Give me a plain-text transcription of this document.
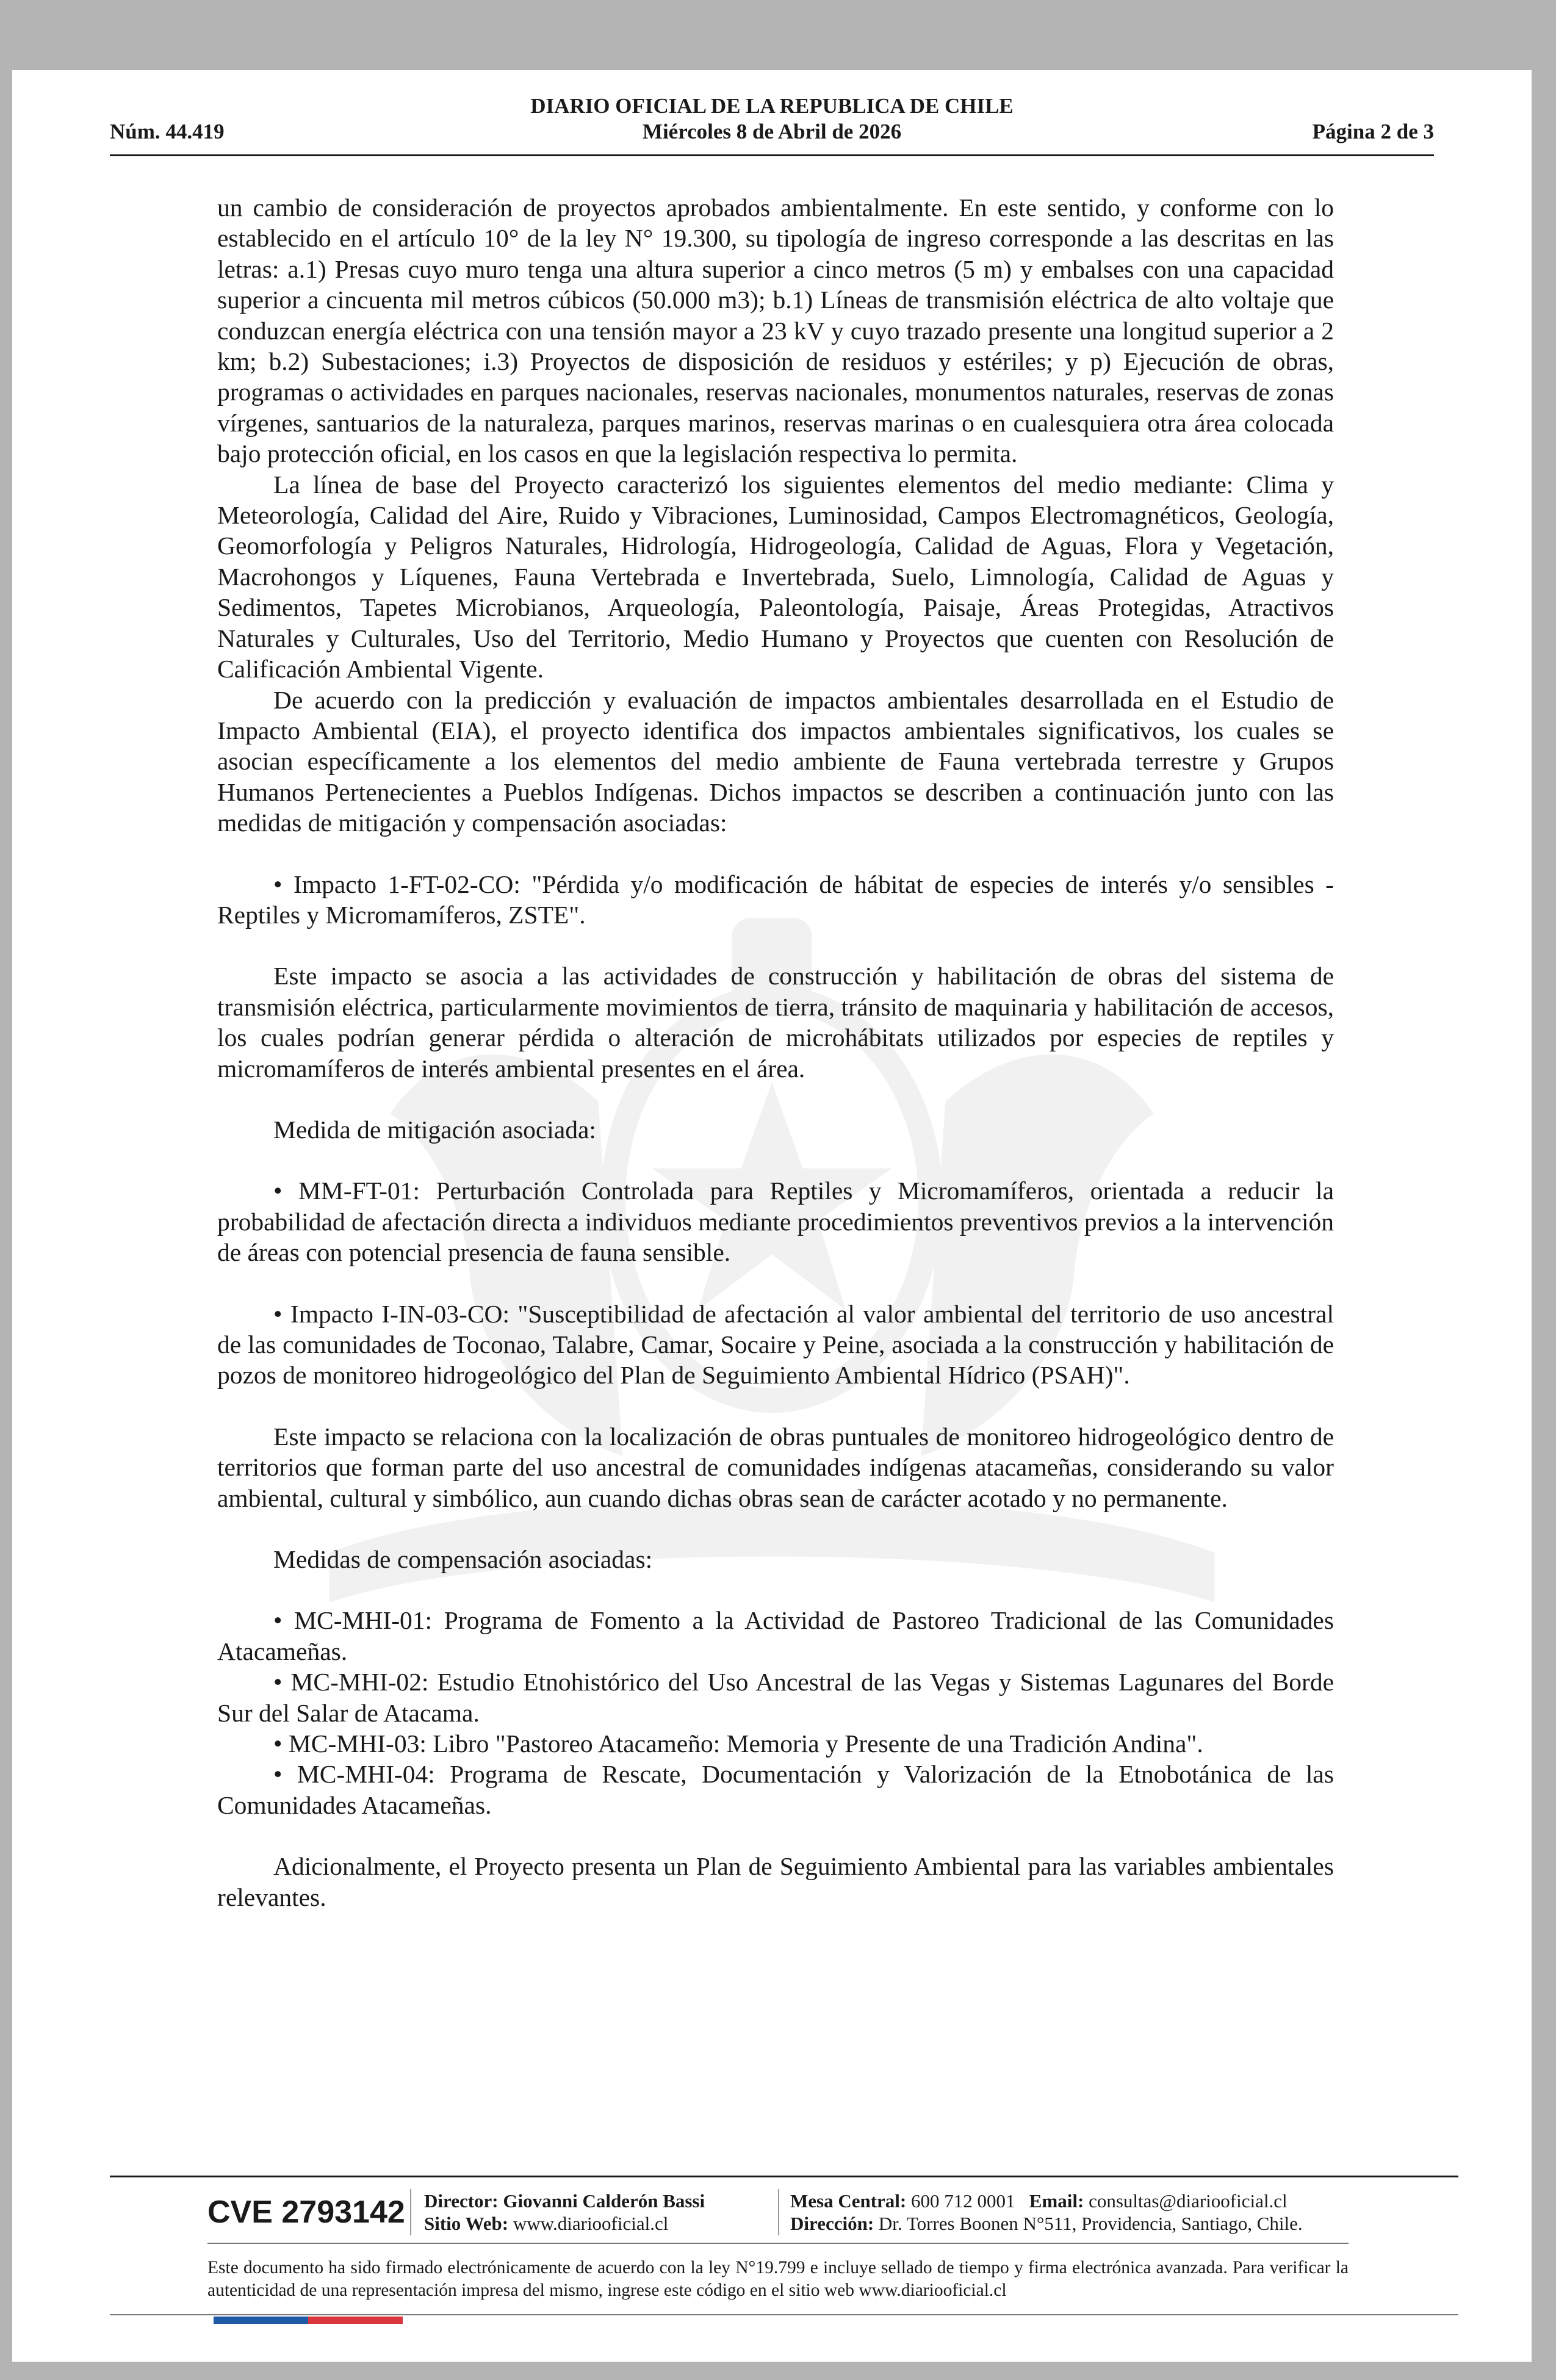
DIARIO OFICIAL DE LA REPUBLICA DE CHILE
Núm. 44.419	Miércoles 8 de Abril de 2026	Página 2 de 3

un cambio de consideración de proyectos aprobados ambientalmente. En este sentido, y conforme con lo establecido en el artículo 10° de la ley N° 19.300, su tipología de ingreso corresponde a las descritas en las letras: a.1) Presas cuyo muro tenga una altura superior a cinco metros (5 m) y embalses con una capacidad superior a cincuenta mil metros cúbicos (50.000 m3); b.1) Líneas de transmisión eléctrica de alto voltaje que conduzcan energía eléctrica con una tensión mayor a 23 kV y cuyo trazado presente una longitud superior a 2 km; b.2) Subestaciones; i.3) Proyectos de disposición de residuos y estériles; y p) Ejecución de obras, programas o actividades en parques nacionales, reservas nacionales, monumentos naturales, reservas de zonas vírgenes, santuarios de la naturaleza, parques marinos, reservas marinas o en cualesquiera otra área colocada bajo protección oficial, en los casos en que la legislación respectiva lo permita.

La línea de base del Proyecto caracterizó los siguientes elementos del medio mediante: Clima y Meteorología, Calidad del Aire, Ruido y Vibraciones, Luminosidad, Campos Electromagnéticos, Geología, Geomorfología y Peligros Naturales, Hidrología, Hidrogeología, Calidad de Aguas, Flora y Vegetación, Macrohongos y Líquenes, Fauna Vertebrada e Invertebrada, Suelo, Limnología, Calidad de Aguas y Sedimentos, Tapetes Microbianos, Arqueología, Paleontología, Paisaje, Áreas Protegidas, Atractivos Naturales y Culturales, Uso del Territorio, Medio Humano y Proyectos que cuenten con Resolución de Calificación Ambiental Vigente.

De acuerdo con la predicción y evaluación de impactos ambientales desarrollada en el Estudio de Impacto Ambiental (EIA), el proyecto identifica dos impactos ambientales significativos, los cuales se asocian específicamente a los elementos del medio ambiente de Fauna vertebrada terrestre y Grupos Humanos Pertenecientes a Pueblos Indígenas. Dichos impactos se describen a continuación junto con las medidas de mitigación y compensación asociadas:

• Impacto 1-FT-02-CO: "Pérdida y/o modificación de hábitat de especies de interés y/o sensibles - Reptiles y Micromamíferos, ZSTE".

Este impacto se asocia a las actividades de construcción y habilitación de obras del sistema de transmisión eléctrica, particularmente movimientos de tierra, tránsito de maquinaria y habilitación de accesos, los cuales podrían generar pérdida o alteración de microhábitats utilizados por especies de reptiles y micromamíferos de interés ambiental presentes en el área.

Medida de mitigación asociada:

• MM-FT-01: Perturbación Controlada para Reptiles y Micromamíferos, orientada a reducir la probabilidad de afectación directa a individuos mediante procedimientos preventivos previos a la intervención de áreas con potencial presencia de fauna sensible.

• Impacto I-IN-03-CO: "Susceptibilidad de afectación al valor ambiental del territorio de uso ancestral de las comunidades de Toconao, Talabre, Camar, Socaire y Peine, asociada a la construcción y habilitación de pozos de monitoreo hidrogeológico del Plan de Seguimiento Ambiental Hídrico (PSAH)".

Este impacto se relaciona con la localización de obras puntuales de monitoreo hidrogeológico dentro de territorios que forman parte del uso ancestral de comunidades indígenas atacameñas, considerando su valor ambiental, cultural y simbólico, aun cuando dichas obras sean de carácter acotado y no permanente.

Medidas de compensación asociadas:

• MC-MHI-01: Programa de Fomento a la Actividad de Pastoreo Tradicional de las Comunidades Atacameñas.

• MC-MHI-02: Estudio Etnohistórico del Uso Ancestral de las Vegas y Sistemas Lagunares del Borde Sur del Salar de Atacama.

• MC-MHI-03: Libro "Pastoreo Atacameño: Memoria y Presente de una Tradición Andina".

• MC-MHI-04: Programa de Rescate, Documentación y Valorización de la Etnobotánica de las Comunidades Atacameñas.

Adicionalmente, el Proyecto presenta un Plan de Seguimiento Ambiental para las variables ambientales relevantes.

CVE 2793142 Director: Giovanni Calderón Bassi
Sitio Web: www.diariooficial.cl
Mesa Central: 600 712 0001 Email: consultas@diariooficial.cl
Dirección: Dr. Torres Boonen N°511, Providencia, Santiago, Chile.
Este documento ha sido firmado electrónicamente de acuerdo con la ley N°19.799 e incluye sellado de tiempo y firma electrónica avanzada. Para verificar la autenticidad de una representación impresa del mismo, ingrese este código en el sitio web www.diariooficial.cl
